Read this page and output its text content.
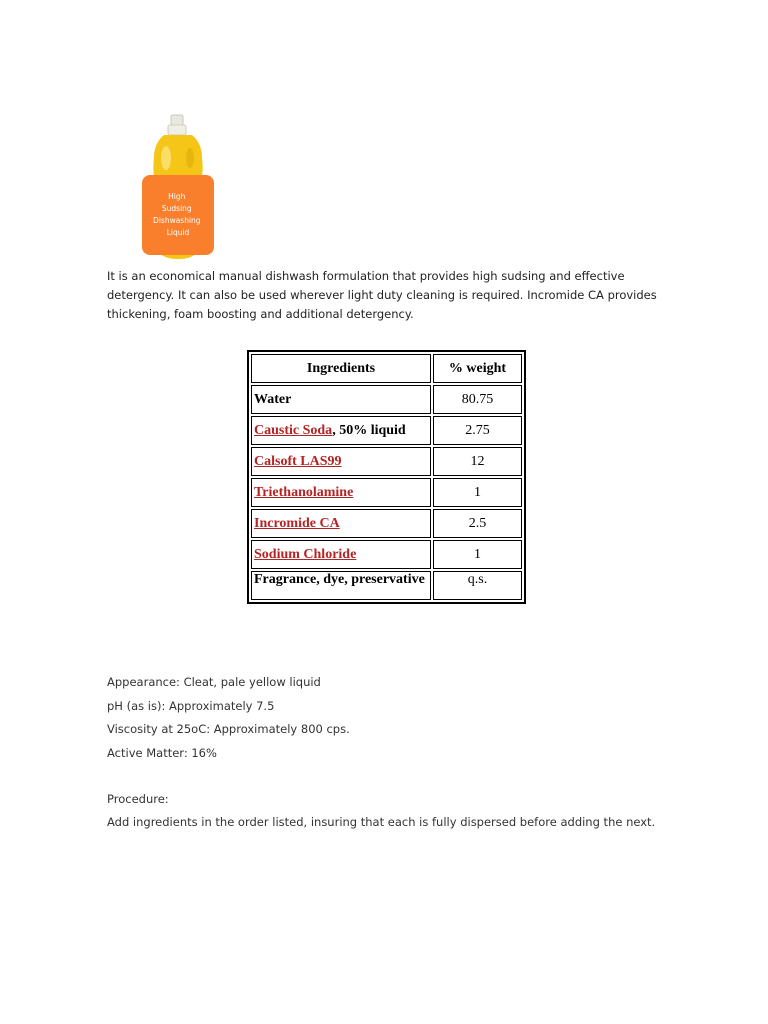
High Sudsing Dishwashing Liquid

It is an economical manual dishwash formulation that provides high sudsing and effective detergency. It can also be used wherever light duty cleaning is required. Incromide CA provides thickening, foam boosting and additional detergency.

Ingredients	% weight
Water	80.75
Caustic Soda, 50% liquid	2.75
Calsoft LAS99	12
Triethanolamine	1
Incromide CA	2.5
Sodium Chloride	1
Fragrance, dye, preservative	q.s.
Appearance: Cleat, pale yellow liquid
pH (as is): Approximately 7.5
Viscosity at 25oC: Approximately 800 cps.
Active Matter: 16%

Procedure:

Add ingredients in the order listed, insuring that each is fully dispersed before adding the next.
